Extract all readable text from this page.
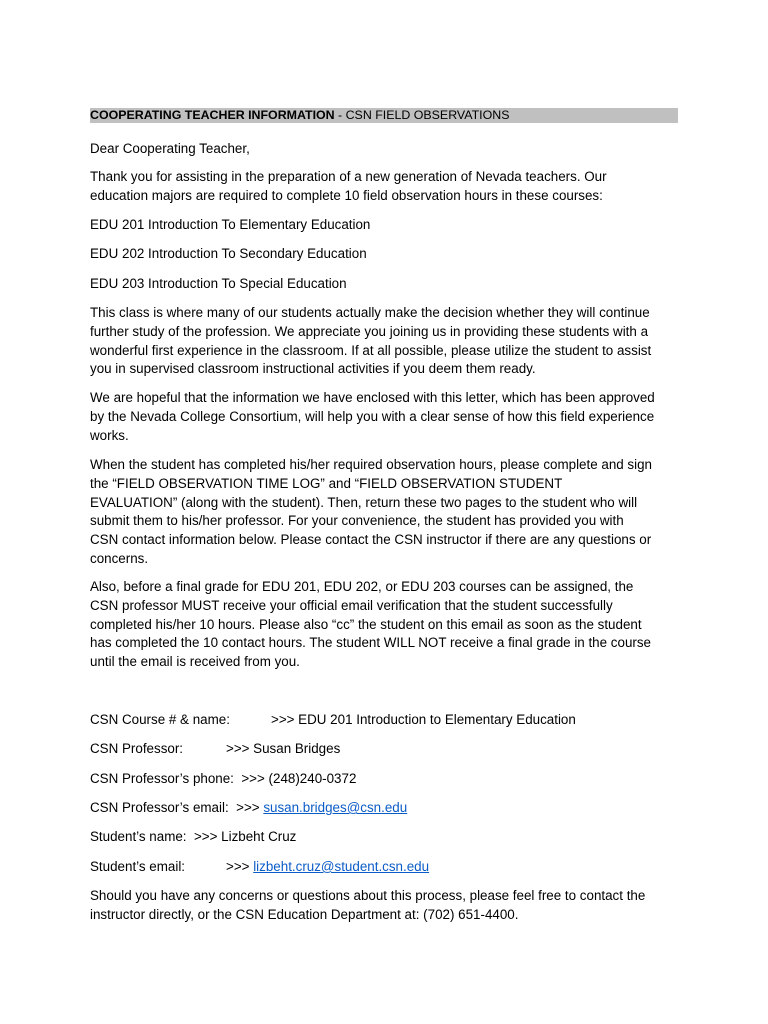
COOPERATING TEACHER INFORMATION - CSN FIELD OBSERVATIONS

Dear Cooperating Teacher,

Thank you for assisting in the preparation of a new generation of Nevada teachers. Our
education majors are required to complete 10 field observation hours in these courses:

EDU 201 Introduction To Elementary Education

EDU 202 Introduction To Secondary Education

EDU 203 Introduction To Special Education

This class is where many of our students actually make the decision whether they will continue
further study of the profession. We appreciate you joining us in providing these students with a
wonderful first experience in the classroom. If at all possible, please utilize the student to assist
you in supervised classroom instructional activities if you deem them ready.

We are hopeful that the information we have enclosed with this letter, which has been approved
by the Nevada College Consortium, will help you with a clear sense of how this field experience
works.

When the student has completed his/her required observation hours, please complete and sign
the “FIELD OBSERVATION TIME LOG” and “FIELD OBSERVATION STUDENT
EVALUATION” (along with the student). Then, return these two pages to the student who will
submit them to his/her professor. For your convenience, the student has provided you with
CSN contact information below. Please contact the CSN instructor if there are any questions or
concerns.

Also, before a final grade for EDU 201, EDU 202, or EDU 203 courses can be assigned, the
CSN professor MUST receive your official email verification that the student successfully
completed his/her 10 hours. Please also “cc” the student on this email as soon as the student
has completed the 10 contact hours. The student WILL NOT receive a final grade in the course
until the email is received from you.

CSN Course # & name:	>>> EDU 201 Introduction to Elementary Education
CSN Professor:	>>> Susan Bridges
CSN Professor’s phone: >>> (248)240-0372
CSN Professor’s email: >>> susan.bridges@csn.edu
Student’s name: >>> Lizbeht Cruz
Student’s email:	>>> lizbeht.cruz@student.csn.edu

Should you have any concerns or questions about this process, please feel free to contact the
instructor directly, or the CSN Education Department at: (702) 651-4400.
